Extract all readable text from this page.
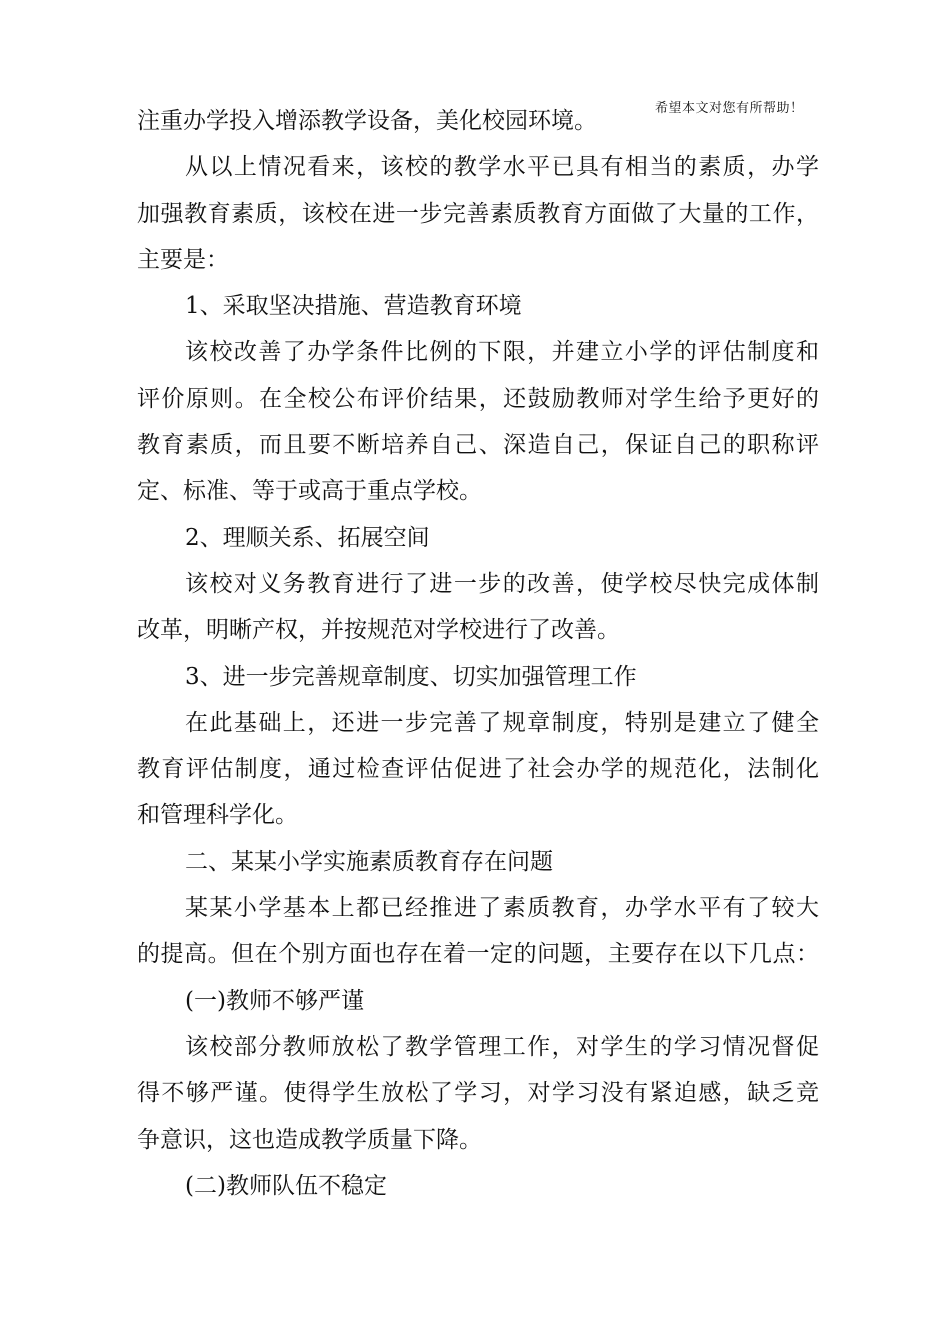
希望本文对您有所帮助！
注重办学投入增添教学设备，美化校园环境。
从以上情况看来，该校的教学水平已具有相当的素质，办学
加强教育素质，该校在进一步完善素质教育方面做了大量的工作，
主要是：
1、采取坚决措施、营造教育环境
该校改善了办学条件比例的下限，并建立小学的评估制度和
评价原则。在全校公布评价结果，还鼓励教师对学生给予更好的
教育素质，而且要不断培养自己、深造自己，保证自己的职称评
定、标准、等于或高于重点学校。
2、理顺关系、拓展空间
该校对义务教育进行了进一步的改善，使学校尽快完成体制
改革，明晰产权，并按规范对学校进行了改善。
3、进一步完善规章制度、切实加强管理工作
在此基础上，还进一步完善了规章制度，特别是建立了健全
教育评估制度，通过检查评估促进了社会办学的规范化，法制化
和管理科学化。
二、某某小学实施素质教育存在问题
某某小学基本上都已经推进了素质教育，办学水平有了较大
的提高。但在个别方面也存在着一定的问题，主要存在以下几点：
(一)教师不够严谨
该校部分教师放松了教学管理工作，对学生的学习情况督促
得不够严谨。使得学生放松了学习，对学习没有紧迫感，缺乏竞
争意识，这也造成教学质量下降。
(二)教师队伍不稳定
